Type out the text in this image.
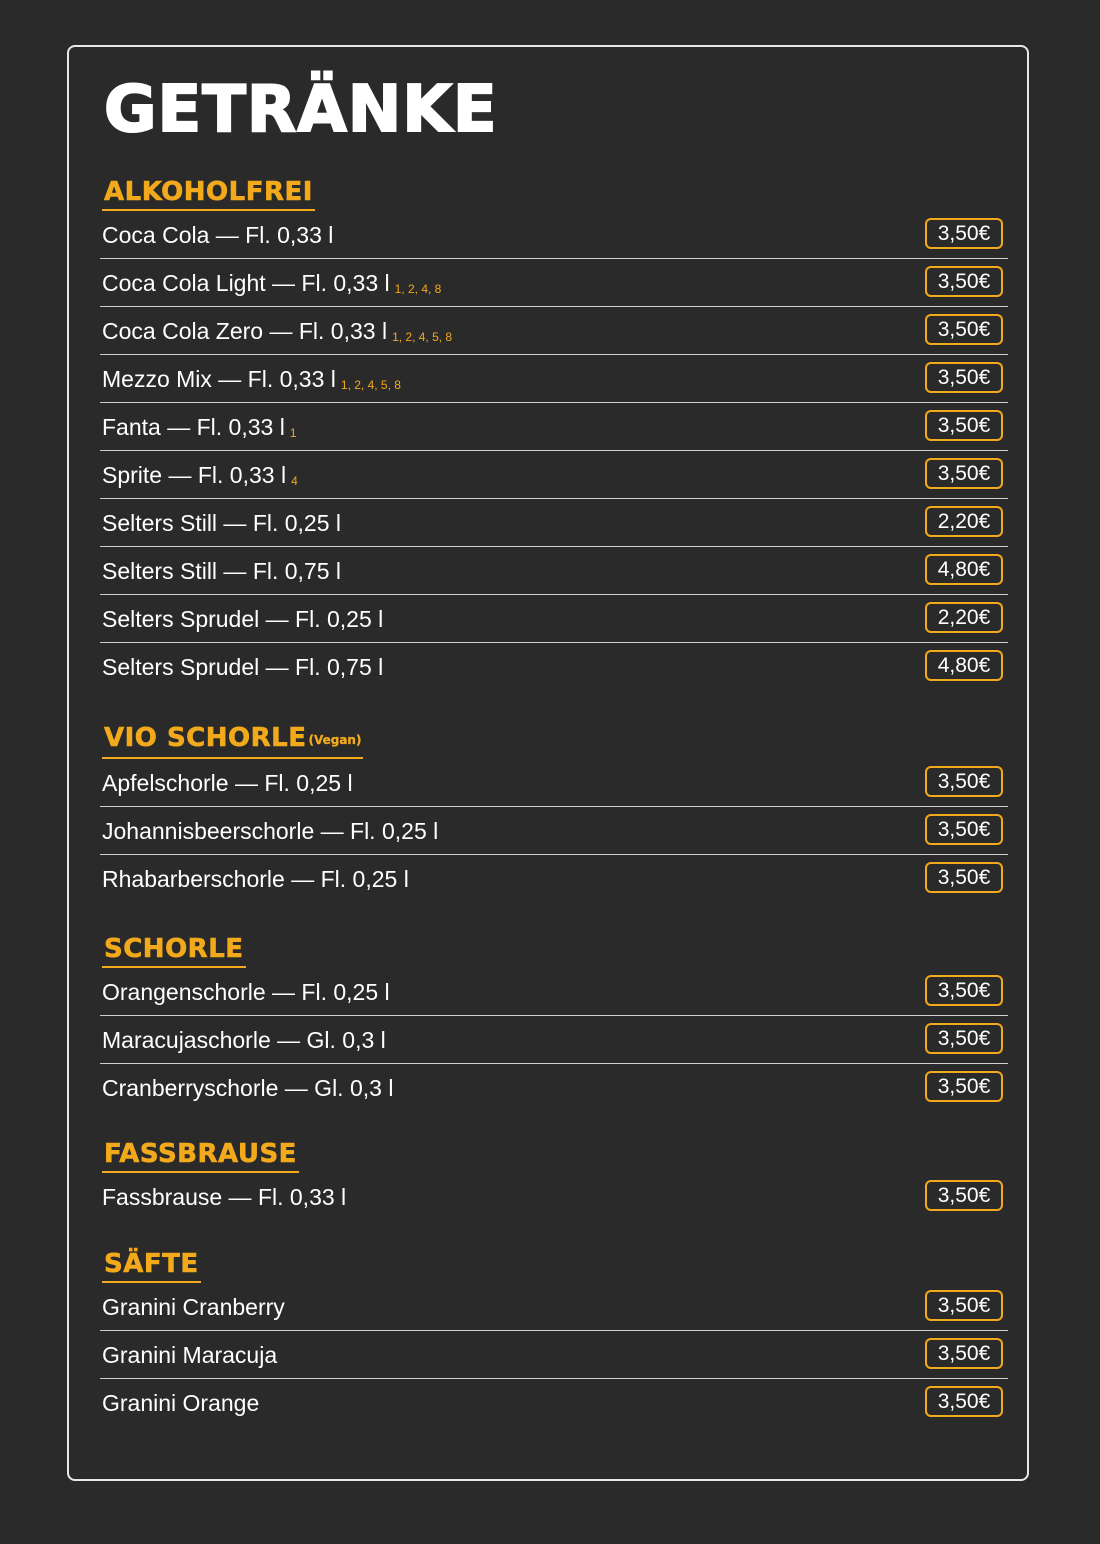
GETRÄNKE
ALKOHOLFREI
Coca Cola — Fl. 0,33 l	3,50€
Coca Cola Light — Fl. 0,33 l 1, 2, 4, 8	3,50€
Coca Cola Zero — Fl. 0,33 l 1, 2, 4, 5, 8	3,50€
Mezzo Mix — Fl. 0,33 l 1, 2, 4, 5, 8	3,50€
Fanta — Fl. 0,33 l 1	3,50€
Sprite — Fl. 0,33 l 4	3,50€
Selters Still — Fl. 0,25 l	2,20€
Selters Still — Fl. 0,75 l	4,80€
Selters Sprudel — Fl. 0,25 l	2,20€
Selters Sprudel — Fl. 0,75 l	4,80€
VIO SCHORLE (Vegan)
Apfelschorle — Fl. 0,25 l	3,50€
Johannisbeerschorle — Fl. 0,25 l	3,50€
Rhabarberschorle — Fl. 0,25 l	3,50€
SCHORLE
Orangenschorle — Fl. 0,25 l	3,50€
Maracujaschorle — Gl. 0,3 l	3,50€
Cranberryschorle — Gl. 0,3 l	3,50€
FASSBRAUSE
Fassbrause — Fl. 0,33 l	3,50€
SÄFTE
Granini Cranberry	3,50€
Granini Maracuja	3,50€
Granini Orange	3,50€
